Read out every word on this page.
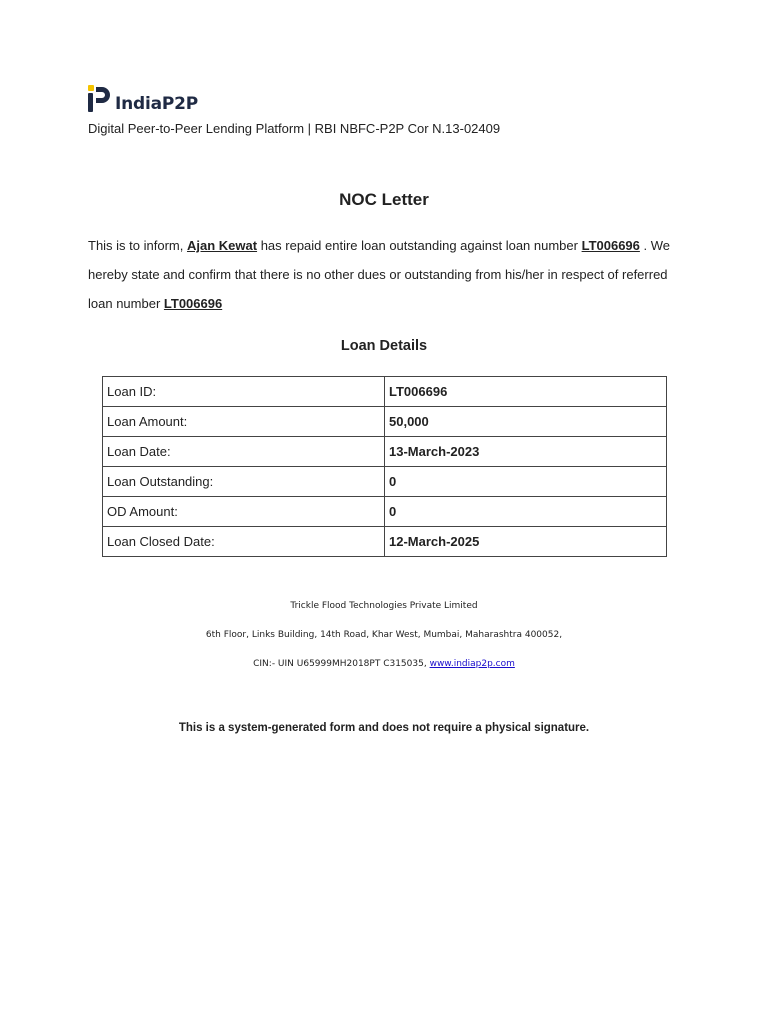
IndiaP2P
Digital Peer-to-Peer Lending Platform | RBI NBFC-P2P Cor N.13-02409
NOC Letter
This is to inform, Ajan Kewat has repaid entire loan outstanding against loan number LT006696 . We hereby state and confirm that there is no other dues or outstanding from his/her in respect of referred loan number LT006696
Loan Details
Loan ID:	LT006696
Loan Amount:	50,000
Loan Date:	13-March-2023
Loan Outstanding:	0
OD Amount:	0
Loan Closed Date:	12-March-2025
Trickle Flood Technologies Private Limited
6th Floor, Links Building, 14th Road, Khar West, Mumbai, Maharashtra 400052,
CIN:- UIN U65999MH2018PT C315035, www.indiap2p.com
This is a system-generated form and does not require a physical signature.
